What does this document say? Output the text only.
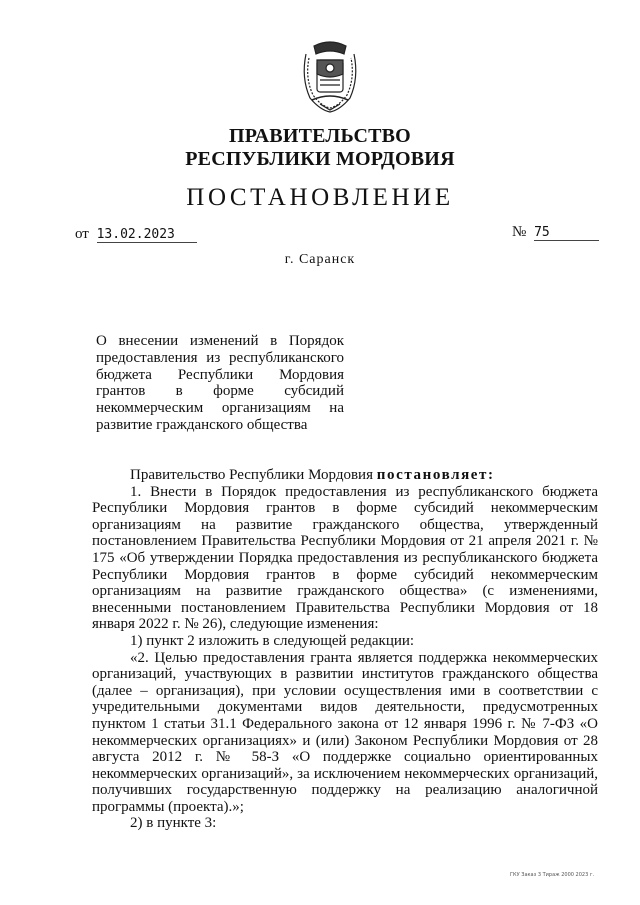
ПРАВИТЕЛЬСТВО
РЕСПУБЛИКИ МОРДОВИЯ
ПОСТАНОВЛЕНИЕ
от 13.02.2023	№ 75
г. Саранск
О внесении изменений в Порядок предоставления из республиканского бюджета Республики Мордовия грантов в форме субсидий некоммерческим организациям на развитие гражданского общества

Правительство Республики Мордовия постановляет:

1. Внести в Порядок предоставления из республиканского бюджета Республики Мордовия грантов в форме субсидий некоммерческим организациям на развитие гражданского общества, утвержденный постановлением Правительства Республики Мордовия от 21 апреля 2021 г. № 175 «Об утверждении Порядка предоставления из республиканского бюджета Республики Мордовия грантов в форме субсидий некоммерческим организациям на развитие гражданского общества» (с изменениями, внесенными постановлением Правительства Республики Мордовия от 18 января 2022 г. № 26), следующие изменения:

1) пункт 2 изложить в следующей редакции:

«2. Целью предоставления гранта является поддержка некоммерческих организаций, участвующих в развитии институтов гражданского общества (далее – организация), при условии осуществления ими в соответствии с учредительными документами видов деятельности, предусмотренных пунктом 1 статьи 31.1 Федерального закона от 12 января 1996 г. № 7-ФЗ «О некоммерческих организациях» и (или) Законом Республики Мордовия от 28 августа 2012 г. № 58-З «О поддержке социально ориентированных некоммерческих организаций», за исключением некоммерческих организаций, получивших государственную поддержку на реализацию аналогичной программы (проекта).»;

2) в пункте 3:

ГКУ Заказ 3 Тираж 2000 2023 г.
